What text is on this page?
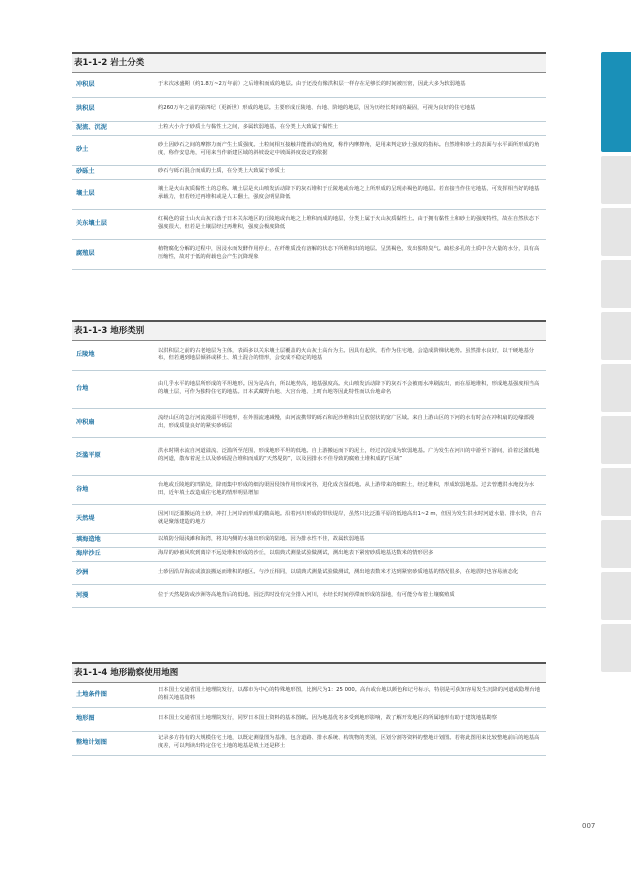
表1-1-2 岩土分类
冲积层	于末次冰盛期（约1.8万~2万年前）之后堆积而成的地层。由于还没有像洪积层一样存在足够长的时间被压密，因此大多为软弱地基
洪积层	约260万年之前的第四纪（更新世）形成的地层。主要形成丘陵地、台地、阶地的地层，因为历经长时间的凝固，可视为良好的住宅地基
泥流、沉泥	土粒大小介于砂质土与黏性土之间，多属软弱地基，在分类上大致属于黏性土
砂土	砂土因砂石之间的摩擦力而产生土质强度。土粒间相互接触并能滑动的角度，称作内摩擦角，是用来判定砂土强度的指标。自然堆积砂土的表面与水平面所形成的角度，称作安息角，可用来当作新建区域的斜坡设定中坡面斜度设定的依据
砂砾土	砂石与砾石混合而成的土质，在分类上大致属于砂质土
壤土层	壤土是火山灰质黏性土的总称。壤土层是火山喷发活动降下的灰石堆积于丘陵地或台地之上所形成的呈现赤褐色的地层。若直接当作住宅地基，可发挥相当好的地基承载力，但若经过再堆积或是人工翻土，强度会明显降低
关东壤土层	红褐色的富士山火山灰石落于日本关东地区的丘陵地或台地之上堆积而成的地层，分类上属于火山灰质黏性土。由于拥有黏性土和砂土的强度特性，故在自然状态下强度很大，但若是土壤层经过再堆积，强度会极度降低
腐殖层	植物腐化分解的过程中，因浸水而发酵作用停止，在纤维质没有溶解的状态下所堆积出的地层。呈黑褐色，发出独特臭气。疏松多孔的土质中含大量的水分，具有高压缩性，故对于低的荷载也会产生沉降现象
表1-1-3 地形类别
丘陵地	以洪积层之前的古老地层为主体，表面多以关东壤土层覆盖的火山灰土高台为主。因具有起伏，若作为住宅地，会造成阶梯状地势。虽然排水良好，以干硬地基分布，但若遇到地层倾斜或移土、填土混合的情形，会变成不稳定的地基
台地	由几乎水平的地层所形成的平坦地形。因为是高台，所以地势高，地基强度高。火山喷发活动降下的灰石不会被雨水冲刷流出，而在原地堆积，形成地基强度相当高的壤土层，可作为独特住宅的地基。日本武藏野台地、大宫台地、上町台地等因此特性而以台地命名
冲积扇	流经山区的急行河流漫溢平坦地形，在外围流速减慢，由河流携带的砾石和泥沙堆积出呈放射状的宽广区域。来自上游山区的下河的水有时会在冲积扇的边缘部漫出，形成质量良好的紧实砂砾层
泛滥平原	洪水时期水流自河道溢流、泛滥所至范围，形成地形平坦的低地。自上游搬运而下的泥土，经过沉淀成为软弱地基。广为发生在河川的中游至下游间，沿着泛滥低地的河道，散布着泥土以及砂砾混合堆积而成的“天然堤防”，以及因排水不佳导致的腐殖土堆积成的“区域”
谷地	台地或丘陵地的凹陷处，降雨集中形成的细沟渠因侵蚀作用形成河谷，进化成含湿低地。从上游带来的细粒土，经过堆积，形成软弱地基。过去曾遭洪水淹没为水田，近年填土改造成住宅地的情形明显增加
天然堤	因河川泛滥搬运的土砂，冲打上河岸而形成的微高地。沿着河川形成的带状堤岸，虽然只比泛滥平原的低地高出1~2 m，但因为发生洪水时河道水量、排水快，自古就是聚落建造的地方
填海造地	以填防分隔浅滩和海湾，将其内侧的水抽出形成的陆地。因为排水性不佳，故属软弱地基
海岸沙丘	海岸的砂被风吹到离岸不远处堆积形成的沙丘，以瑞典式测量试验做测试，测出地表下紧密砂质地基达数米的情形居多
沙洲	土砂因沿岸海流或波浪搬运而堆积的地区。与沙丘相同，以瑞典式测量试验做测试，测出地表数米才达到紧密砂质地基的情况很多，在地震时也容易液态化
河漫	位于天然堤防或沙洲等高地背后的低地。因泛洪时没有完全排入河川，水经长时间停滞而形成的湿地，有可能分布着土壤腐殖质
表1-1-4 地形勘察使用地图
土地条件图	日本国土交通省国土地理院发行，以都市为中心的特殊地形图，比例尺为1：25 000。高台或台地以颜色和记号标示，特别是可获知容易发生沉降的河道或隐埋台地的相关地基资料
地形图	日本国土交通省国土地理院发行，同罗日本国土资料的基本图纸。因为地基优劣多受到地形影响，故了解开发地区的所属地形有助于建筑地基勘察
整地计划图	记录多方持有的大规模住宅土地，以既定测量图为基准，包含道路、排水系统、构筑物的类别，区划分割等资料的整地计划图。若将此图用来比较整地前后的地基高度差，可以判读出特定住宅土地的地基是填土还是移土
007
